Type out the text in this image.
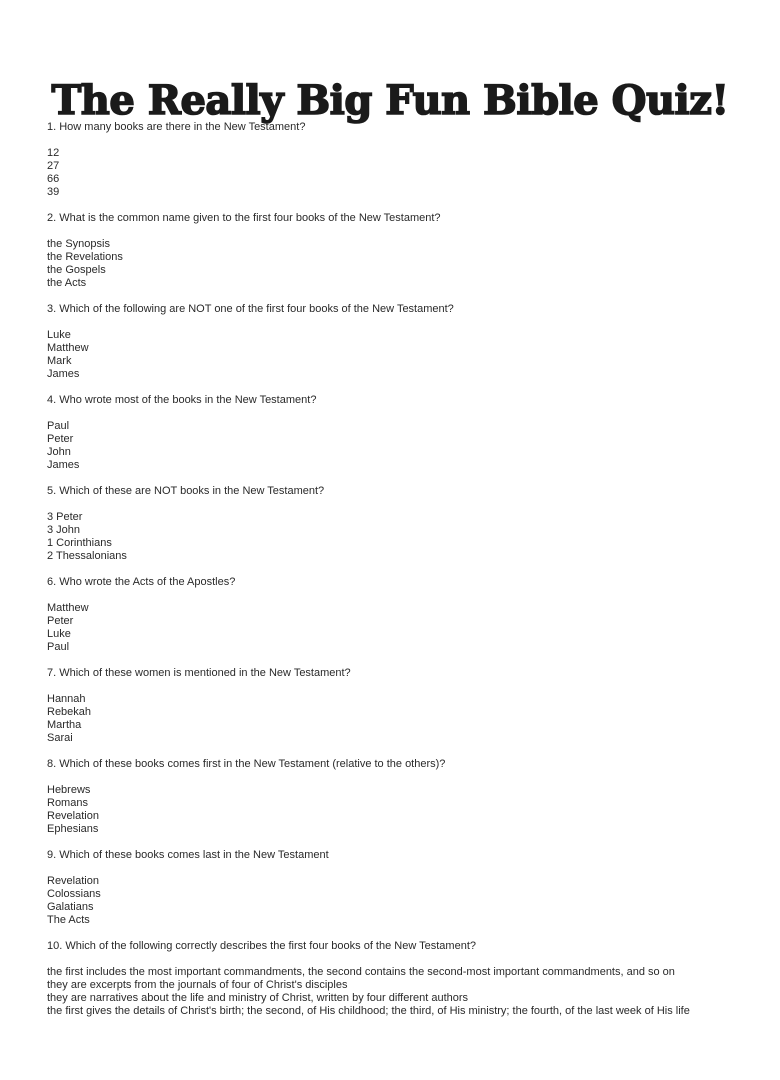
The Really Big Fun Bible Quiz!
1. How many books are there in the New Testament?
12
27
66
39
2. What is the common name given to the first four books of the New Testament?
the Synopsis
the Revelations
the Gospels
the Acts
3. Which of the following are NOT one of the first four books of the New Testament?
Luke
Matthew
Mark
James
4. Who wrote most of the books in the New Testament?
Paul
Peter
John
James
5. Which of these are NOT books in the New Testament?
3 Peter
3 John
1 Corinthians
2 Thessalonians
6. Who wrote the Acts of the Apostles?
Matthew
Peter
Luke
Paul
7. Which of these women is mentioned in the New Testament?
Hannah
Rebekah
Martha
Sarai
8. Which of these books comes first in the New Testament (relative to the others)?
Hebrews
Romans
Revelation
Ephesians
9. Which of these books comes last in the New Testament
Revelation
Colossians
Galatians
The Acts
10. Which of the following correctly describes the first four books of the New Testament?
the first includes the most important commandments, the second contains the second-most important commandments, and so on
they are excerpts from the journals of four of Christ's disciples
they are narratives about the life and ministry of Christ, written by four different authors
the first gives the details of Christ's birth; the second, of His childhood; the third, of His ministry; the fourth, of the last week of His life
